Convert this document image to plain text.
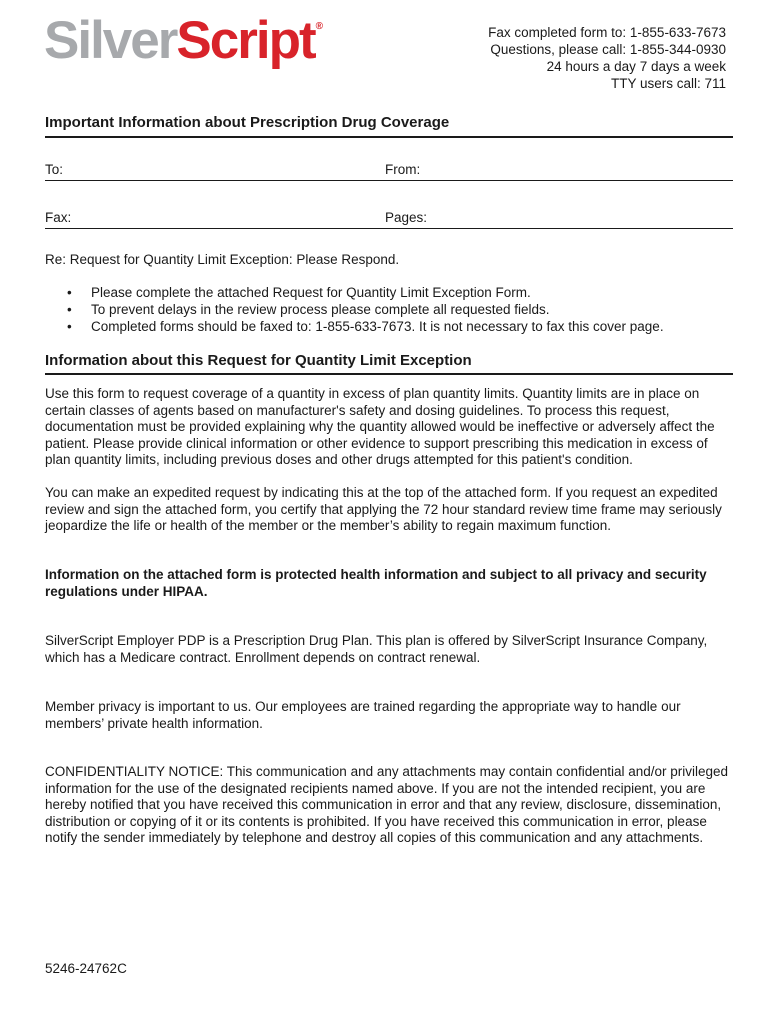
SilverScript®	Fax completed form to: 1-855-633-7673
Questions, please call: 1-855-344-0930
24 hours a day 7 days a week
TTY users call: 711
Important Information about Prescription Drug Coverage
To:	From:
Fax:	Pages:
Re: Request for Quantity Limit Exception: Please Respond.
• Please complete the attached Request for Quantity Limit Exception Form.
• To prevent delays in the review process please complete all requested fields.
• Completed forms should be faxed to: 1-855-633-7673. It is not necessary to fax this cover page.
Information about this Request for Quantity Limit Exception

Use this form to request coverage of a quantity in excess of plan quantity limits. Quantity limits are in place on certain classes of agents based on manufacturer's safety and dosing guidelines. To process this request, documentation must be provided explaining why the quantity allowed would be ineffective or adversely affect the patient. Please provide clinical information or other evidence to support prescribing this medication in excess of plan quantity limits, including previous doses and other drugs attempted for this patient's condition.

You can make an expedited request by indicating this at the top of the attached form. If you request an expedited review and sign the attached form, you certify that applying the 72 hour standard review time frame may seriously jeopardize the life or health of the member or the member’s ability to regain maximum function.

Information on the attached form is protected health information and subject to all privacy and security regulations under HIPAA.

SilverScript Employer PDP is a Prescription Drug Plan. This plan is offered by SilverScript Insurance Company, which has a Medicare contract. Enrollment depends on contract renewal.

Member privacy is important to us. Our employees are trained regarding the appropriate way to handle our members’ private health information.

CONFIDENTIALITY NOTICE: This communication and any attachments may contain confidential and/or privileged information for the use of the designated recipients named above. If you are not the intended recipient, you are hereby notified that you have received this communication in error and that any review, disclosure, dissemination, distribution or copying of it or its contents is prohibited. If you have received this communication in error, please notify the sender immediately by telephone and destroy all copies of this communication and any attachments.

5246-24762C
